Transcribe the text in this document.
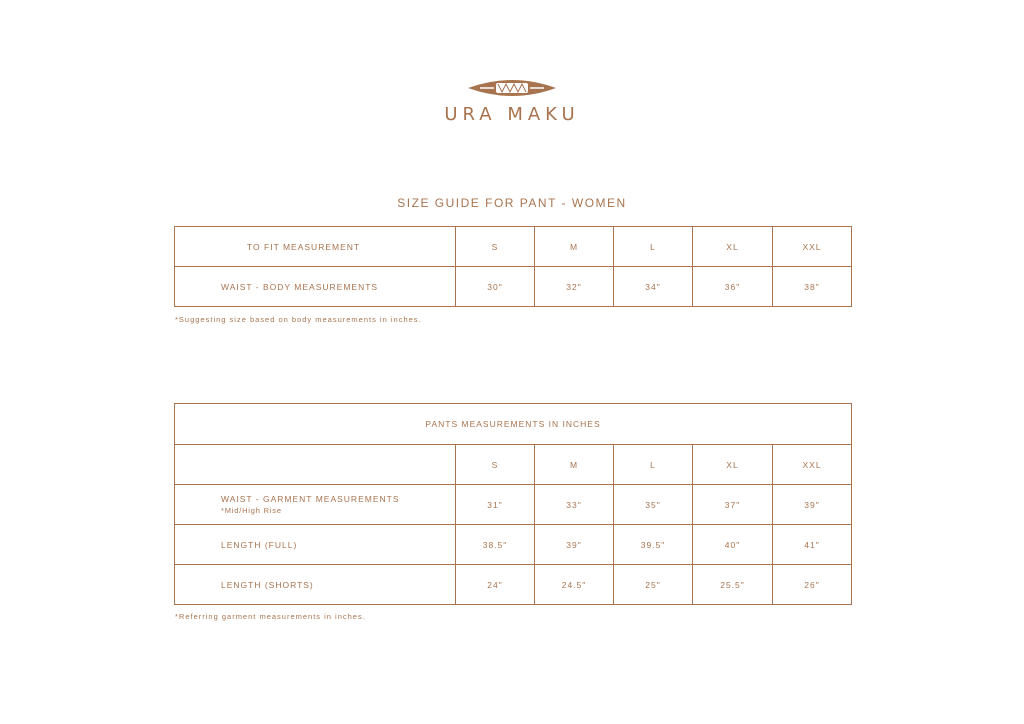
URA MAKU
SIZE GUIDE FOR PANT - WOMEN
TO FIT MEASUREMENT	S	M	L	XL	XXL
WAIST - BODY MEASUREMENTS	30"	32"	34"	36"	38"
*Suggesting size based on body measurements in inches.
PANTS MEASUREMENTS IN INCHES					
	S	M	L	XL	XXL
WAIST - GARMENT MEASUREMENTS
*Mid/High Rise	31"	33"	35"	37"	39"
LENGTH (FULL)	38.5"	39"	39.5"	40"	41"
LENGTH (SHORTS)	24"	24.5"	25"	25.5"	26"
*Referring garment measurements in inches.
